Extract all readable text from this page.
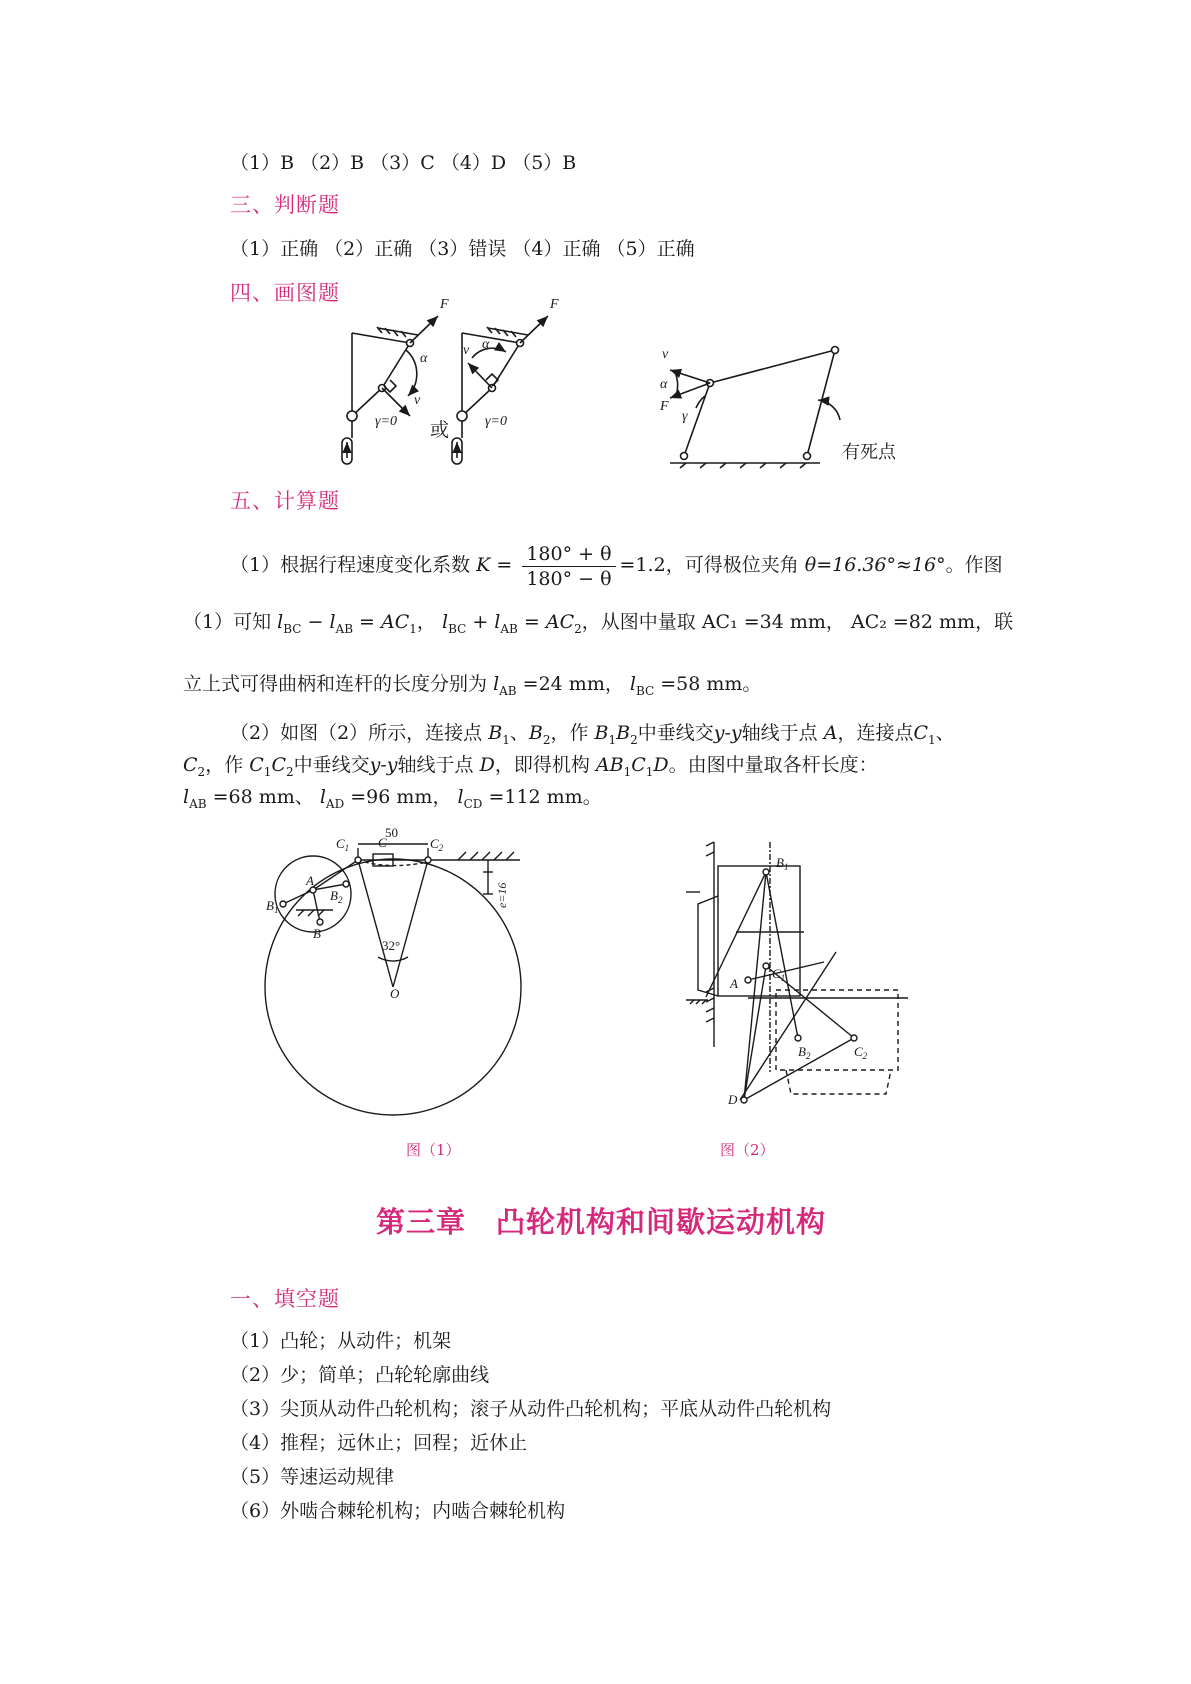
（1）B （2）B （3）C （4）D （5）B
三、判断题
（1）正确 （2）正确 （3）错误 （4）正确 （5）正确
四、画图题	F
α
v
γ=0 或
F
v α
γ=0
v
α
F
γ
有死点
五、计算题
（1）根据行程速度变化系数 $K = \frac{180^\circ + \theta}{180^\circ - \theta} =1.2$，可得极位夹角 θ=16.36°≈16°。作图
（1）可知 $l_{BC} - l_{AB} = AC_1$， $l_{BC} + l_{AB} = AC_2$，从图中量取 AC₁ =34 mm， AC₂ =82 mm，联
立上式可得曲柄和连杆的长度分别为 $l_{AB} =24$ mm， $l_{BC} =58$ mm。
（2）如图（2）所示，连接点 $B_1$、$B_2$，作 $B_1B_2$中垂线交y-y轴线于点 A，连接点$C_1$、
$C_2$，作 $C_1C_2$中垂线交y-y轴线于点 D，即得机构 $AB_1C_1D$。由图中量取各杆长度：
$l_{AB} =68$ mm、 $l_{AD} =96$ mm， $l_{CD} =112$ mm。
50
$C_1$ C	$C_2$
A
$B_1$
$B_2$
B
32°
O
e=16
图（1）
$B_1$
A
$C_1$
$B_2$	$C_2$
D
图（2）
第三章　凸轮机构和间歇运动机构
一、填空题
（1）凸轮；从动件；机架
（2）少；简单；凸轮轮廓曲线
（3）尖顶从动件凸轮机构；滚子从动件凸轮机构；平底从动件凸轮机构
（4）推程；远休止；回程；近休止
（5）等速运动规律
（6）外啮合棘轮机构；内啮合棘轮机构
